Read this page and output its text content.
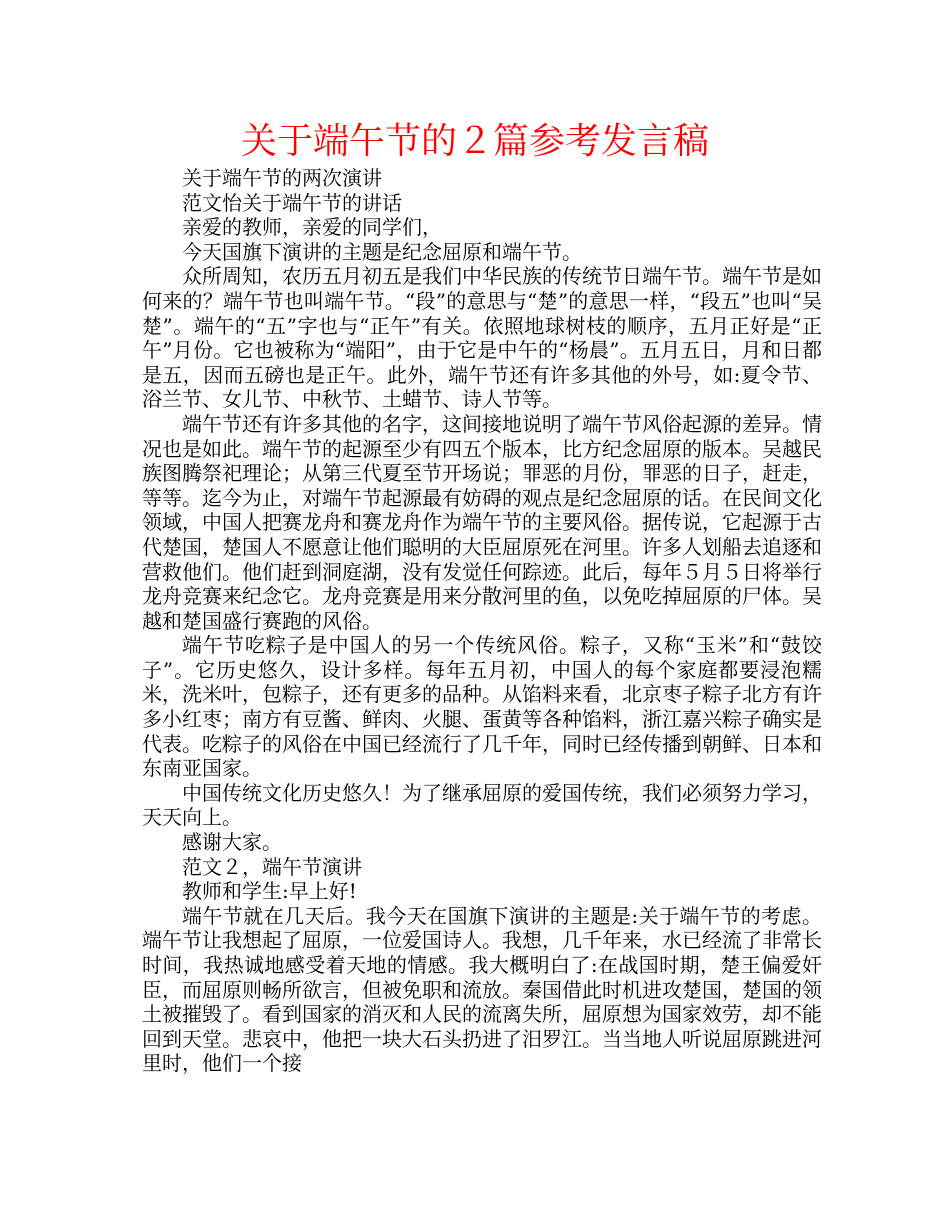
关于端午节的２篇参考发言稿

关于端午节的两次演讲

范文怡关于端午节的讲话

亲爱的教师，亲爱的同学们，

今天国旗下演讲的主题是纪念屈原和端午节。

众所周知，农历五月初五是我们中华民族的传统节日端午节。端午节是如何来的？端午节也叫端午节。“段”的意思与“楚”的意思一样，“段五”也叫“吴楚”。端午的“五”字也与“正午”有关。依照地球树枝的顺序，五月正好是“正午”月份。它也被称为“端阳”，由于它是中午的“杨晨”。五月五日，月和日都是五，因而五磅也是正午。此外，端午节还有许多其他的外号，如:夏令节、浴兰节、女儿节、中秋节、土蜡节、诗人节等。

端午节还有许多其他的名字，这间接地说明了端午节风俗起源的差异。情况也是如此。端午节的起源至少有四五个版本，比方纪念屈原的版本。吴越民族图腾祭祀理论；从第三代夏至节开场说；罪恶的月份，罪恶的日子，赶走，等等。迄今为止，对端午节起源最有妨碍的观点是纪念屈原的话。在民间文化领域，中国人把赛龙舟和赛龙舟作为端午节的主要风俗。据传说，它起源于古代楚国，楚国人不愿意让他们聪明的大臣屈原死在河里。许多人划船去追逐和营救他们。他们赶到洞庭湖，没有发觉任何踪迹。此后，每年５月５日将举行龙舟竞赛来纪念它。龙舟竞赛是用来分散河里的鱼，以免吃掉屈原的尸体。吴越和楚国盛行赛跑的风俗。

端午节吃粽子是中国人的另一个传统风俗。粽子，又称“玉米”和“鼓饺子”。它历史悠久，设计多样。每年五月初，中国人的每个家庭都要浸泡糯米，洗米叶，包粽子，还有更多的品种。从馅料来看，北京枣子粽子北方有许多小红枣；南方有豆酱、鲜肉、火腿、蛋黄等各种馅料，浙江嘉兴粽子确实是代表。吃粽子的风俗在中国已经流行了几千年，同时已经传播到朝鲜、日本和东南亚国家。

中国传统文化历史悠久！为了继承屈原的爱国传统，我们必须努力学习，天天向上。

感谢大家。

范文２，端午节演讲

教师和学生:早上好!

端午节就在几天后。我今天在国旗下演讲的主题是:关于端午节的考虑。端午节让我想起了屈原，一位爱国诗人。我想，几千年来，水已经流了非常长时间，我热诚地感受着天地的情感。我大概明白了:在战国时期，楚王偏爱奸臣，而屈原则畅所欲言，但被免职和流放。秦国借此时机进攻楚国，楚国的领土被摧毁了。看到国家的消灭和人民的流离失所，屈原想为国家效劳，却不能回到天堂。悲哀中，他把一块大石头扔进了汨罗江。当当地人听说屈原跳进河里时，他们一个接
